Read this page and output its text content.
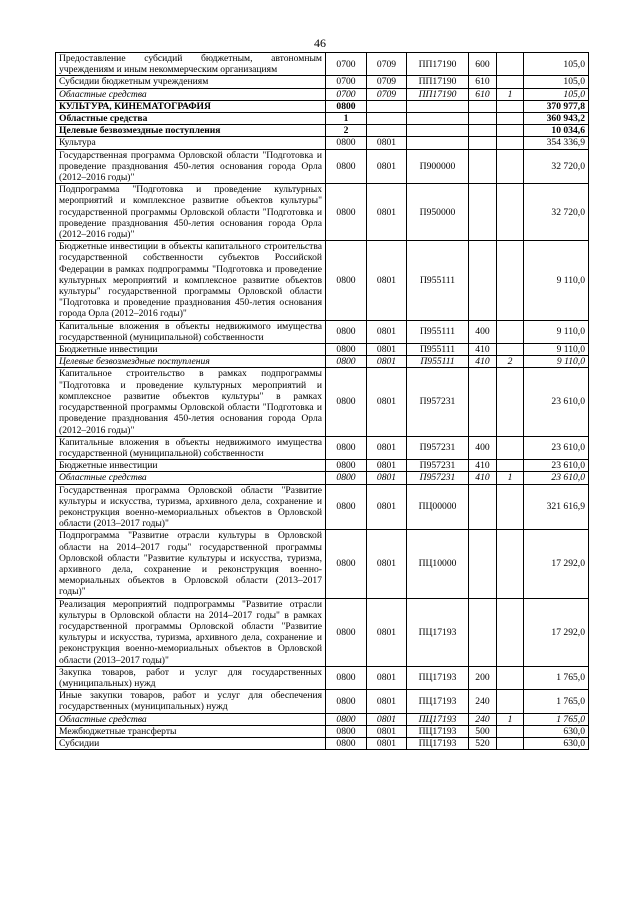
46
Предоставление субсидий бюджетным, автономным учреждениям и иным некоммерческим организациям	0700	0709	ПП17190	600		105,0
Субсидии бюджетным учреждениям	0700	0709	ПП17190	610		105,0
Областные средства	0700	0709	ПП17190	610	1	105,0
КУЛЬТУРА, КИНЕМАТОГРАФИЯ	0800					370 977,8
Областные средства	1					360 943,2
Целевые безвозмездные поступления	2					10 034,6
Культура	0800	0801				354 336,9
Государственная программа Орловской области "Подготовка и проведение празднования 450-летия основания города Орла (2012–2016 годы)"	0800	0801	П900000			32 720,0
Подпрограмма "Подготовка и проведение культурных мероприятий и комплексное развитие объектов культуры" государственной программы Орловской области "Подготовка и проведение празднования 450-летия основания города Орла (2012–2016 годы)"	0800	0801	П950000			32 720,0
Бюджетные инвестиции в объекты капитального строительства государственной собственности субъектов Российской Федерации в рамках подпрограммы "Подготовка и проведение культурных мероприятий и комплексное развитие объектов культуры" государственной программы Орловской области "Подготовка и проведение празднования 450-летия основания города Орла (2012–2016 годы)"	0800	0801	П955111			9 110,0
Капитальные вложения в объекты недвижимого имущества государственной (муниципальной) собственности	0800	0801	П955111	400		9 110,0
Бюджетные инвестиции	0800	0801	П955111	410		9 110,0
Целевые безвозмездные поступления	0800	0801	П955111	410	2	9 110,0
Капитальное строительство в рамках подпрограммы "Подготовка и проведение культурных мероприятий и комплексное развитие объектов культуры" в рамках государственной программы Орловской области "Подготовка и проведение празднования 450-летия основания города Орла (2012–2016 годы)"	0800	0801	П957231			23 610,0
Капитальные вложения в объекты недвижимого имущества государственной (муниципальной) собственности	0800	0801	П957231	400		23 610,0
Бюджетные инвестиции	0800	0801	П957231	410		23 610,0
Областные средства	0800	0801	П957231	410	1	23 610,0
Государственная программа Орловской области "Развитие культуры и искусства, туризма, архивного дела, сохранение и реконструкция военно-мемориальных объектов в Орловской области (2013–2017 годы)"	0800	0801	ПЦ00000			321 616,9
Подпрограмма "Развитие отрасли культуры в Орловской области на 2014–2017 годы" государственной программы Орловской области "Развитие культуры и искусства, туризма, архивного дела, сохранение и реконструкция военно-мемориальных объектов в Орловской области (2013–2017 годы)"	0800	0801	ПЦ10000			17 292,0
Реализация мероприятий подпрограммы "Развитие отрасли культуры в Орловской области на 2014–2017 годы" в рамках государственной программы Орловской области "Развитие культуры и искусства, туризма, архивного дела, сохранение и реконструкция военно-мемориальных объектов в Орловской области (2013–2017 годы)"	0800	0801	ПЦ17193			17 292,0
Закупка товаров, работ и услуг для государственных (муниципальных) нужд	0800	0801	ПЦ17193	200		1 765,0
Иные закупки товаров, работ и услуг для обеспечения государственных (муниципальных) нужд	0800	0801	ПЦ17193	240		1 765,0
Областные средства	0800	0801	ПЦ17193	240	1	1 765,0
Межбюджетные трансферты	0800	0801	ПЦ17193	500		630,0
Субсидии	0800	0801	ПЦ17193	520		630,0
